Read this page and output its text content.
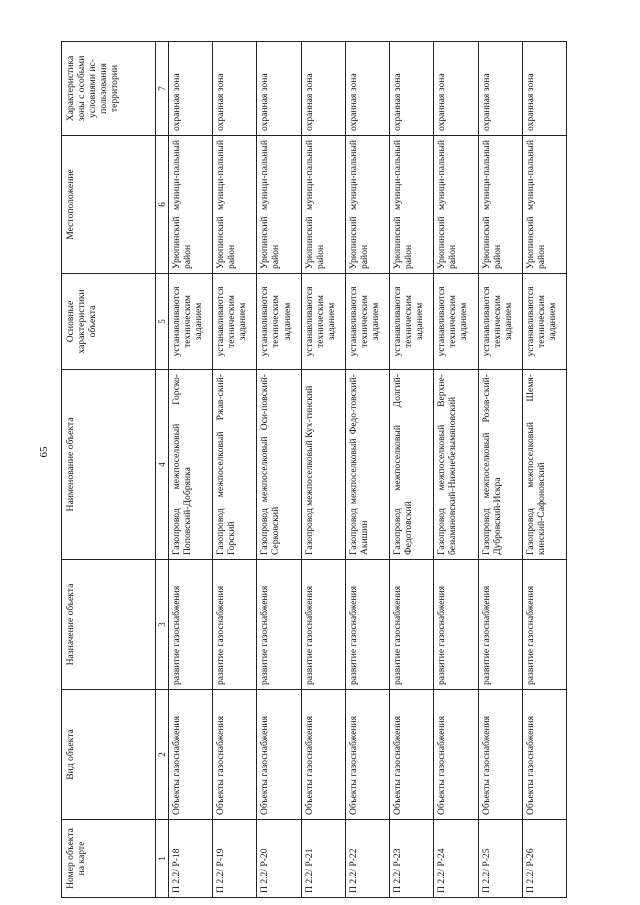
65
Номер объекта на карте	Вид объекта	Назначение объекта	Наименование объекта	Основные характеристики объекта	Местоположение	Характеристика зоны с особыми условиями ис-пользования территории
1	2	3	4	5	6	7
П 2.2/ Р-18	Объекты газоснабжения	развитие газоснабжения	Газопровод межпоселковый Горско-Поповский-Добрянка	устанавливаются техническим заданием	Урюпинский муници-пальный район	охранная зона
П 2.2/ Р-19	Объекты газоснабжения	развитие газоснабжения	Газопровод межпоселковый Ржав-ский-Горский	устанавливаются техническим заданием	Урюпинский муници-пальный район	охранная зона
П 2.2/ Р-20	Объекты газоснабжения	развитие газоснабжения	Газопровод межпоселковый Оси-повский-Серковский	устанавливаются техническим заданием	Урюпинский муници-пальный район	охранная зона
П 2.2/ Р-21	Объекты газоснабжения	развитие газоснабжения	Газопровод межпоселковый Кух-тинский	устанавливаются техническим заданием	Урюпинский муници-пальный район	охранная зона
П 2.2/ Р-22	Объекты газоснабжения	развитие газоснабжения	Газопровод межпоселковый Федо-товский-Акишин	устанавливаются техническим заданием	Урюпинский муници-пальный район	охранная зона
П 2.2/ Р-23	Объекты газоснабжения	развитие газоснабжения	Газопровод межпоселковый Долгий-Федотовский	устанавливаются техническим заданием	Урюпинский муници-пальный район	охранная зона
П 2.2/ Р-24	Объекты газоснабжения	развитие газоснабжения	Газопровод межпоселковый Верхне-безымяновский-Нижнебезымяновский	устанавливаются техническим заданием	Урюпинский муници-пальный район	охранная зона
П 2.2/ Р-25	Объекты газоснабжения	развитие газоснабжения	Газопровод межпоселковый Розов-ский-Дубровский-Искра	устанавливаются техническим заданием	Урюпинский муници-пальный район	охранная зона
П 2.2/ Р-26	Объекты газоснабжения	развитие газоснабжения	Газопровод межпоселковый Шемя-кинский-Сафоновский	устанавливаются техническим заданием	Урюпинский муници-пальный район	охранная зона
